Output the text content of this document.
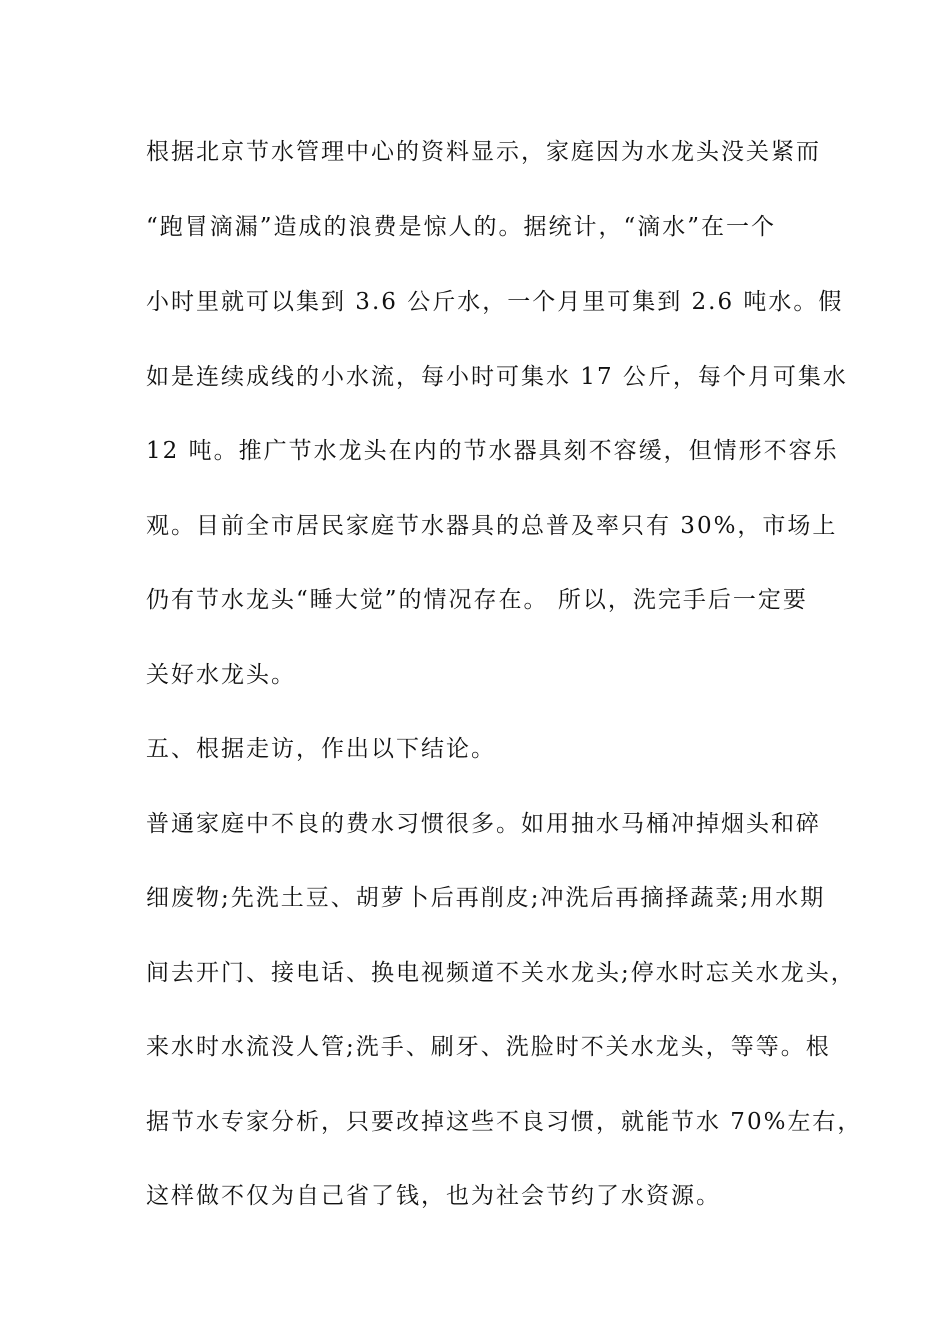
根据北京节水管理中心的资料显示，家庭因为水龙头没关紧而
“跑冒滴漏”造成的浪费是惊人的。据统计，“滴水”在一个
小时里就可以集到 3.6 公斤水，一个月里可集到 2.6 吨水。假
如是连续成线的小水流，每小时可集水 17 公斤，每个月可集水
12 吨。推广节水龙头在内的节水器具刻不容缓，但情形不容乐
观。目前全市居民家庭节水器具的总普及率只有 30%，市场上
仍有节水龙头“睡大觉”的情况存在。 所以，洗完手后一定要
关好水龙头。
五、根据走访，作出以下结论。
普通家庭中不良的费水习惯很多。如用抽水马桶冲掉烟头和碎
细废物;先洗土豆、胡萝卜后再削皮;冲洗后再摘择蔬菜;用水期
间去开门、接电话、换电视频道不关水龙头;停水时忘关水龙头，
来水时水流没人管;洗手、刷牙、洗脸时不关水龙头，等等。根
据节水专家分析，只要改掉这些不良习惯，就能节水 70%左右，
这样做不仅为自己省了钱，也为社会节约了水资源。
